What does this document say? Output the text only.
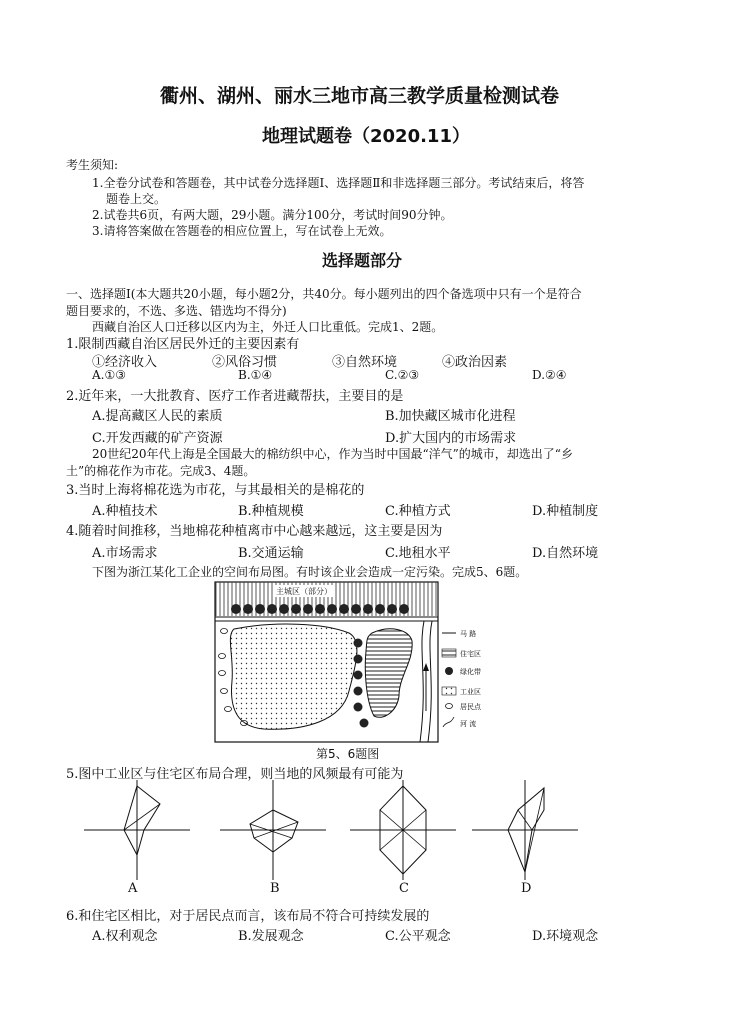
衢州、湖州、丽水三地市高三教学质量检测试卷
地理试题卷（2020.11）
考生须知:
1.全卷分试卷和答题卷，其中试卷分选择题Ⅰ、选择题Ⅱ和非选择题三部分。考试结束后，将答
题卷上交。
2.试卷共6页，有两大题，29小题。满分100分，考试时间90分钟。
3.请将答案做在答题卷的相应位置上，写在试卷上无效。
选择题部分
一、选择题Ⅰ(本大题共20小题，每小题2分，共40分。每小题列出的四个备选项中只有一个是符合
题目要求的，不选、多选、错选均不得分)
西藏自治区人口迁移以区内为主，外迁人口比重低。完成1、2题。
1.限制西藏自治区居民外迁的主要因素有
①经济收入	②风俗习惯	③自然环境	④政治因素
A.①③	B.①④	C.②③	D.②④
2.近年来，一大批教育、医疗工作者进藏帮扶，主要目的是
A.提高藏区人民的素质	B.加快藏区城市化进程
C.开发西藏的矿产资源	D.扩大国内的市场需求
20世纪20年代上海是全国最大的棉纺织中心，作为当时中国最“洋气”的城市，却选出了“乡
土”的棉花作为市花。完成3、4题。
3.当时上海将棉花选为市花，与其最相关的是棉花的
A.种植技术	B.种植规模	C.种植方式	D.种植制度
4.随着时间推移，当地棉花种植离市中心越来越远，这主要是因为
A.市场需求	B.交通运输	C.地租水平	D.自然环境
下图为浙江某化工企业的空间布局图。有时该企业会造成一定污染。完成5、6题。
主城区（部分）
马 路
住宅区
绿化带
工业区
居民点
河 流
第5、6题图
5.图中工业区与住宅区布局合理，则当地的风频最有可能为
A	B	C	D
6.和住宅区相比，对于居民点而言，该布局不符合可持续发展的
A.权利观念	B.发展观念	C.公平观念	D.环境观念
